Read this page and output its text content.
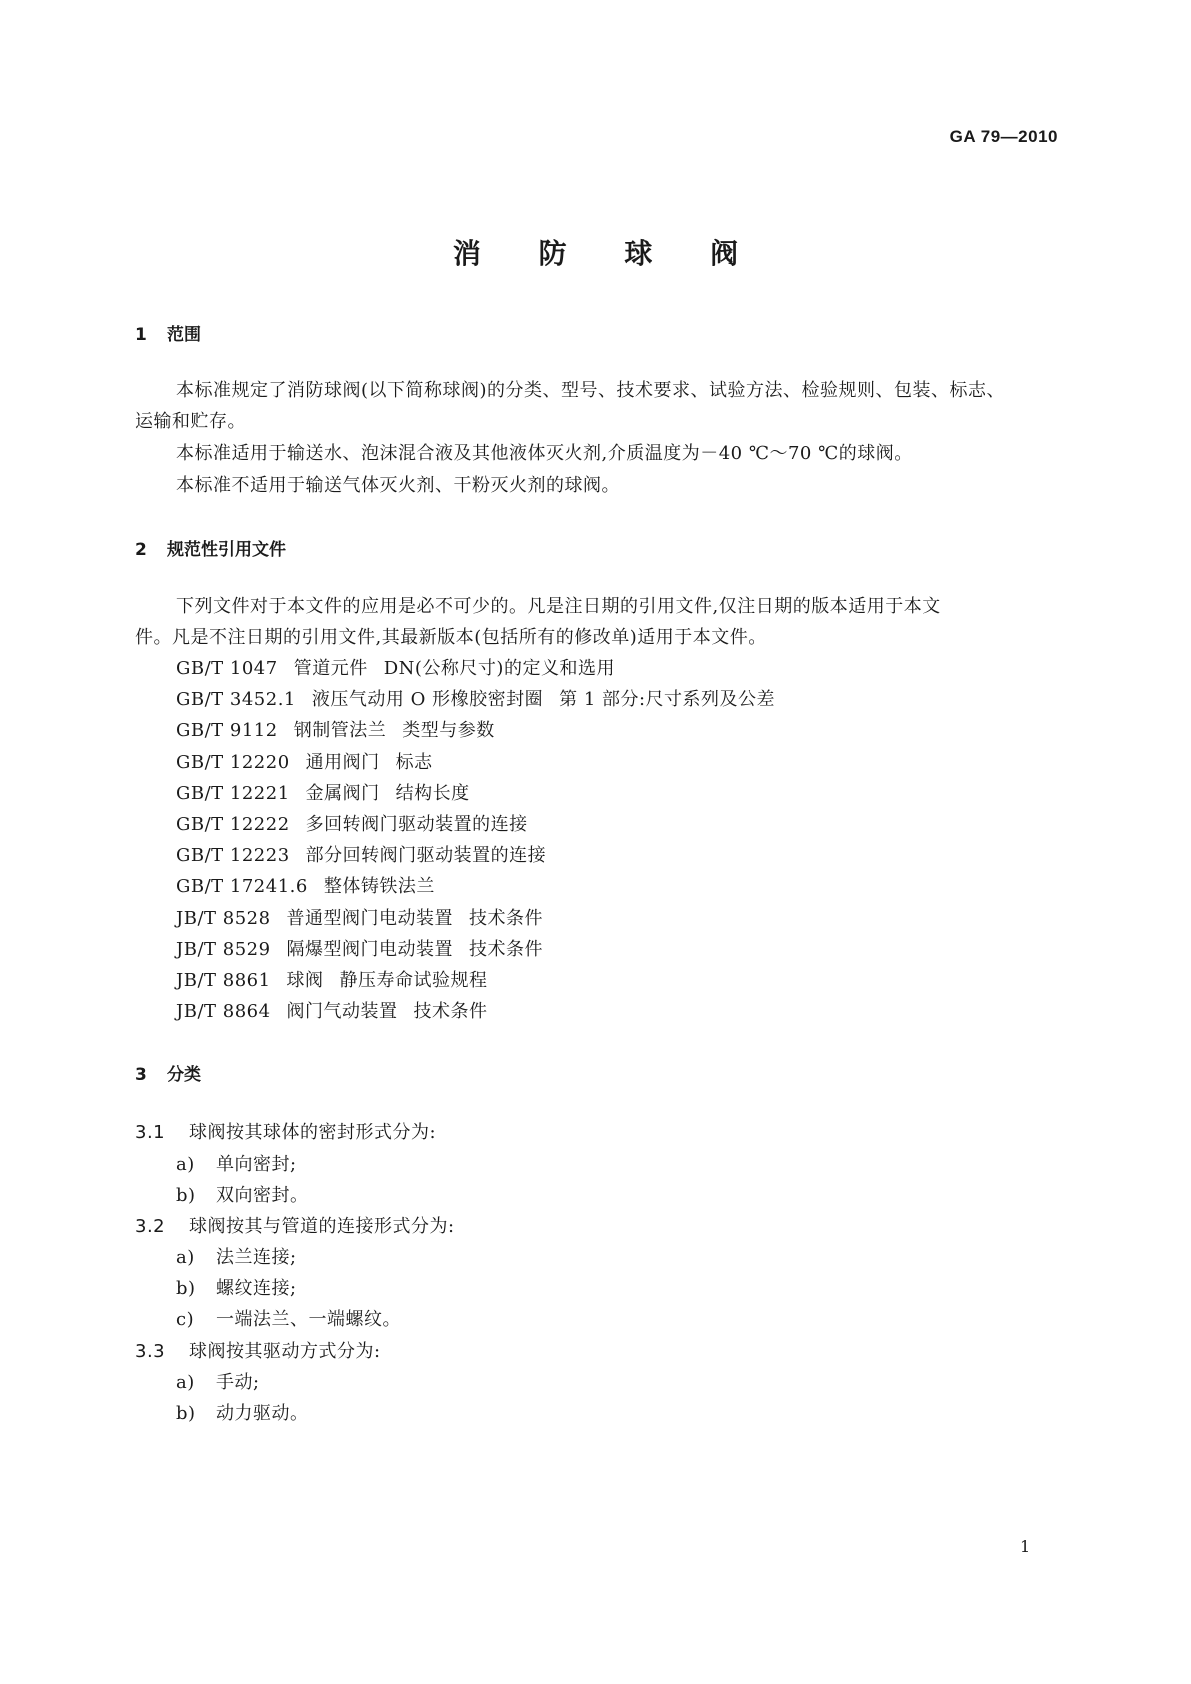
GA 79—2010
消 防 球 阀
1 范围
本标准规定了消防球阀(以下简称球阀)的分类、型号、技术要求、试验方法、检验规则、包装、标志、
运输和贮存。
本标准适用于输送水、泡沫混合液及其他液体灭火剂,介质温度为－40 ℃～70 ℃的球阀。
本标准不适用于输送气体灭火剂、干粉灭火剂的球阀。
2 规范性引用文件
下列文件对于本文件的应用是必不可少的。凡是注日期的引用文件,仅注日期的版本适用于本文
件。凡是不注日期的引用文件,其最新版本(包括所有的修改单)适用于本文件。
GB/T 1047 管道元件 DN(公称尺寸)的定义和选用
GB/T 3452.1 液压气动用 O 形橡胶密封圈 第 1 部分:尺寸系列及公差
GB/T 9112 钢制管法兰 类型与参数
GB/T 12220 通用阀门 标志
GB/T 12221 金属阀门 结构长度
GB/T 12222 多回转阀门驱动装置的连接
GB/T 12223 部分回转阀门驱动装置的连接
GB/T 17241.6 整体铸铁法兰
JB/T 8528 普通型阀门电动装置 技术条件
JB/T 8529 隔爆型阀门电动装置 技术条件
JB/T 8861 球阀 静压寿命试验规程
JB/T 8864 阀门气动装置 技术条件
3 分类
3.1 球阀按其球体的密封形式分为:
a) 单向密封;
b) 双向密封。
3.2 球阀按其与管道的连接形式分为:
a) 法兰连接;
b) 螺纹连接;
c) 一端法兰、一端螺纹。
3.3 球阀按其驱动方式分为:
a) 手动;
b) 动力驱动。
1
